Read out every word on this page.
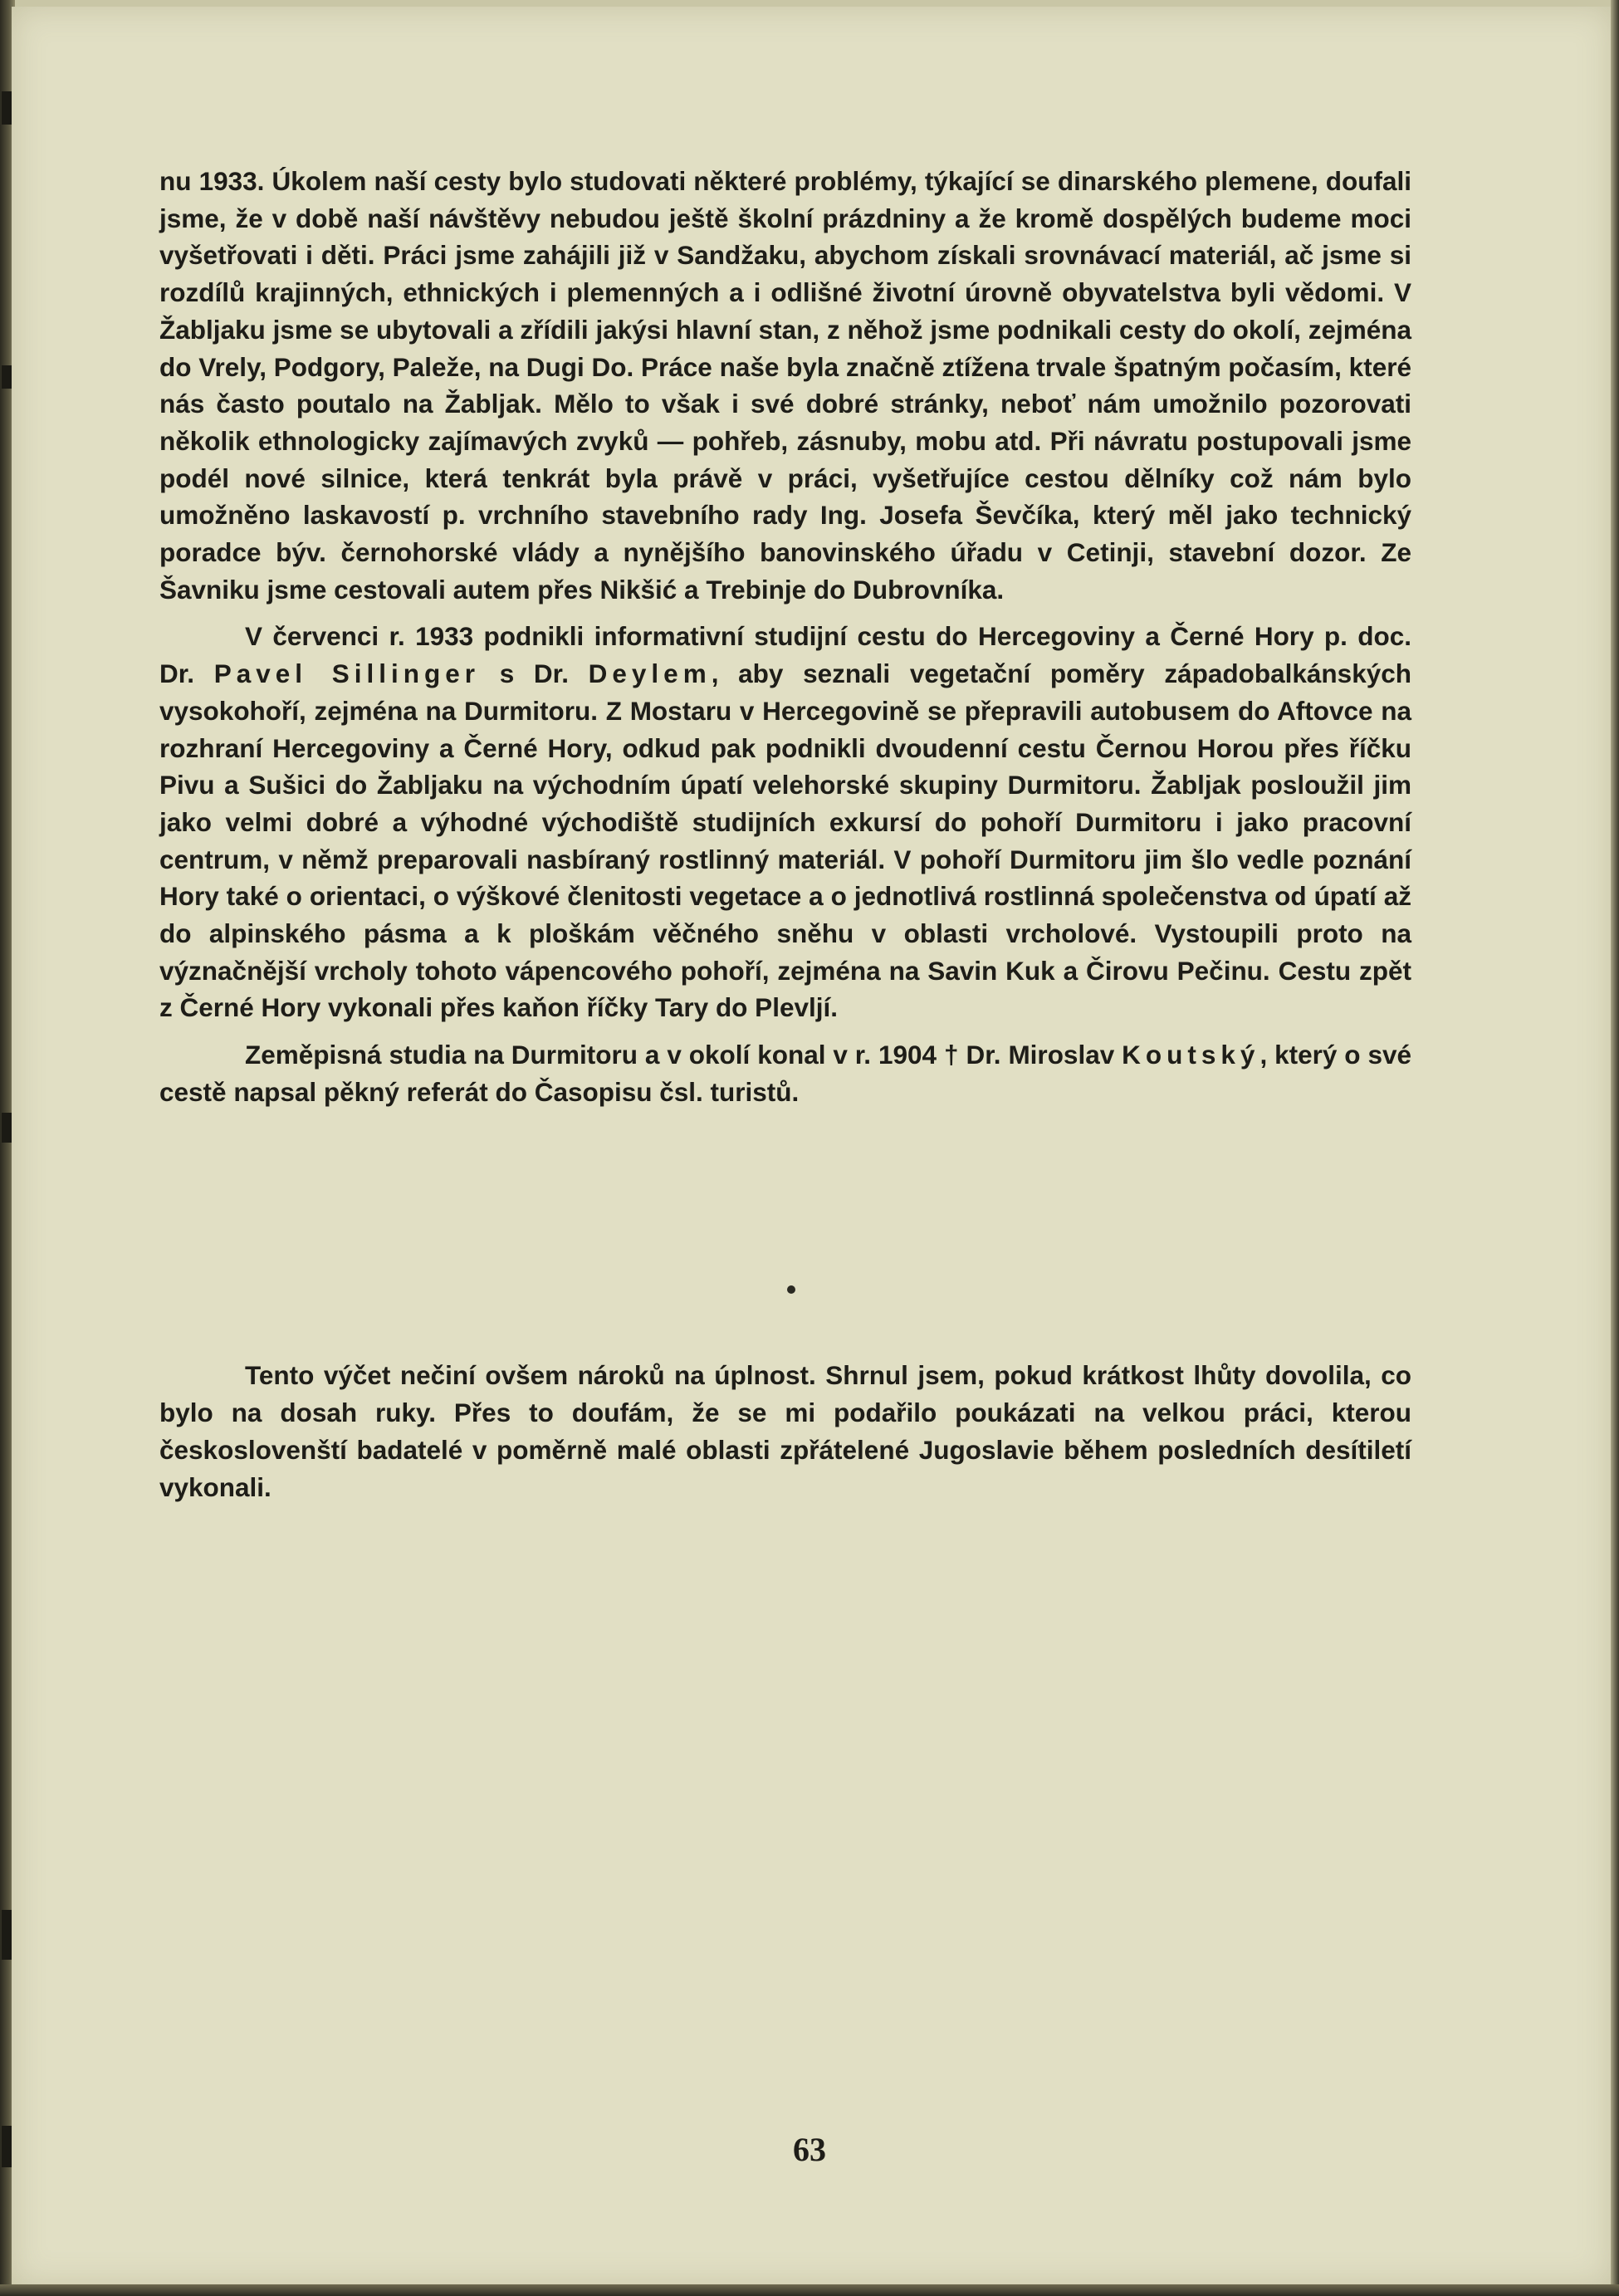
nu 1933. Úkolem naší cesty bylo studovati některé problémy, týkající se dinarského plemene, doufali jsme, že v době naší návštěvy nebudou ještě školní prázdniny a že kromě dospělých budeme moci vyšetřovati i děti. Práci jsme zahájili již v Sandžaku, abychom získali srovnávací materiál, ač jsme si rozdílů krajinných, ethnických i plemenných a i odlišné životní úrovně obyvatelstva byli vědomi. V Žabljaku jsme se ubytovali a zřídili jakýsi hlavní stan, z něhož jsme podnikali cesty do okolí, zejména do Vrely, Podgory, Paleže, na Dugi Do. Práce naše byla značně ztížena trvale špatným počasím, které nás často poutalo na Žabljak. Mělo to však i své dobré stránky, neboť nám umožnilo pozorovati několik ethnologicky zajímavých zvyků — pohřeb, zásnuby, mobu atd. Při návratu postupovali jsme podél nové silnice, která tenkrát byla právě v práci, vyšetřujíce cestou dělníky což nám bylo umožněno laskavostí p. vrchního stavebního rady Ing. Josefa Ševčíka, který měl jako technický poradce býv. černohorské vlády a nynějšího banovinského úřadu v Cetinji, stavební dozor. Ze Šavniku jsme cestovali autem přes Nikšić a Trebinje do Dubrovníka.

V červenci r. 1933 podnikli informativní studijní cestu do Hercegoviny a Černé Hory p. doc. Dr. Pavel Sillinger s Dr. Deylem, aby seznali vegetační poměry západobalkánských vysokohoří, zejména na Durmitoru. Z Mostaru v Hercegovině se přepravili autobusem do Aftovce na rozhraní Hercegoviny a Černé Hory, odkud pak podnikli dvoudenní cestu Černou Horou přes říčku Pivu a Sušici do Žabljaku na východním úpatí velehorské skupiny Durmitoru. Žabljak posloužil jim jako velmi dobré a výhodné východiště studijních exkursí do pohoří Durmitoru i jako pracovní centrum, v němž preparovali nasbíraný rostlinný materiál. V pohoří Durmitoru jim šlo vedle poznání Hory také o orientaci, o výškové členitosti vegetace a o jednotlivá rostlinná společenstva od úpatí až do alpinského pásma a k ploškám věčného sněhu v oblasti vrcholové. Vystoupili proto na význačnější vrcholy tohoto vápencového pohoří, zejména na Savin Kuk a Čirovu Pečinu. Cestu zpět z Černé Hory vykonali přes kaňon říčky Tary do Plevljí.

Zeměpisná studia na Durmitoru a v okolí konal v r. 1904 † Dr. Miroslav Koutský, který o své cestě napsal pěkný referát do Časopisu čsl. turistů.

Tento výčet nečiní ovšem nároků na úplnost. Shrnul jsem, pokud krátkost lhůty dovolila, co bylo na dosah ruky. Přes to doufám, že se mi podařilo poukázati na velkou práci, kterou českoslovenští badatelé v poměrně malé oblasti zpřátelené Jugoslavie během posledních desítiletí vykonali.

63
